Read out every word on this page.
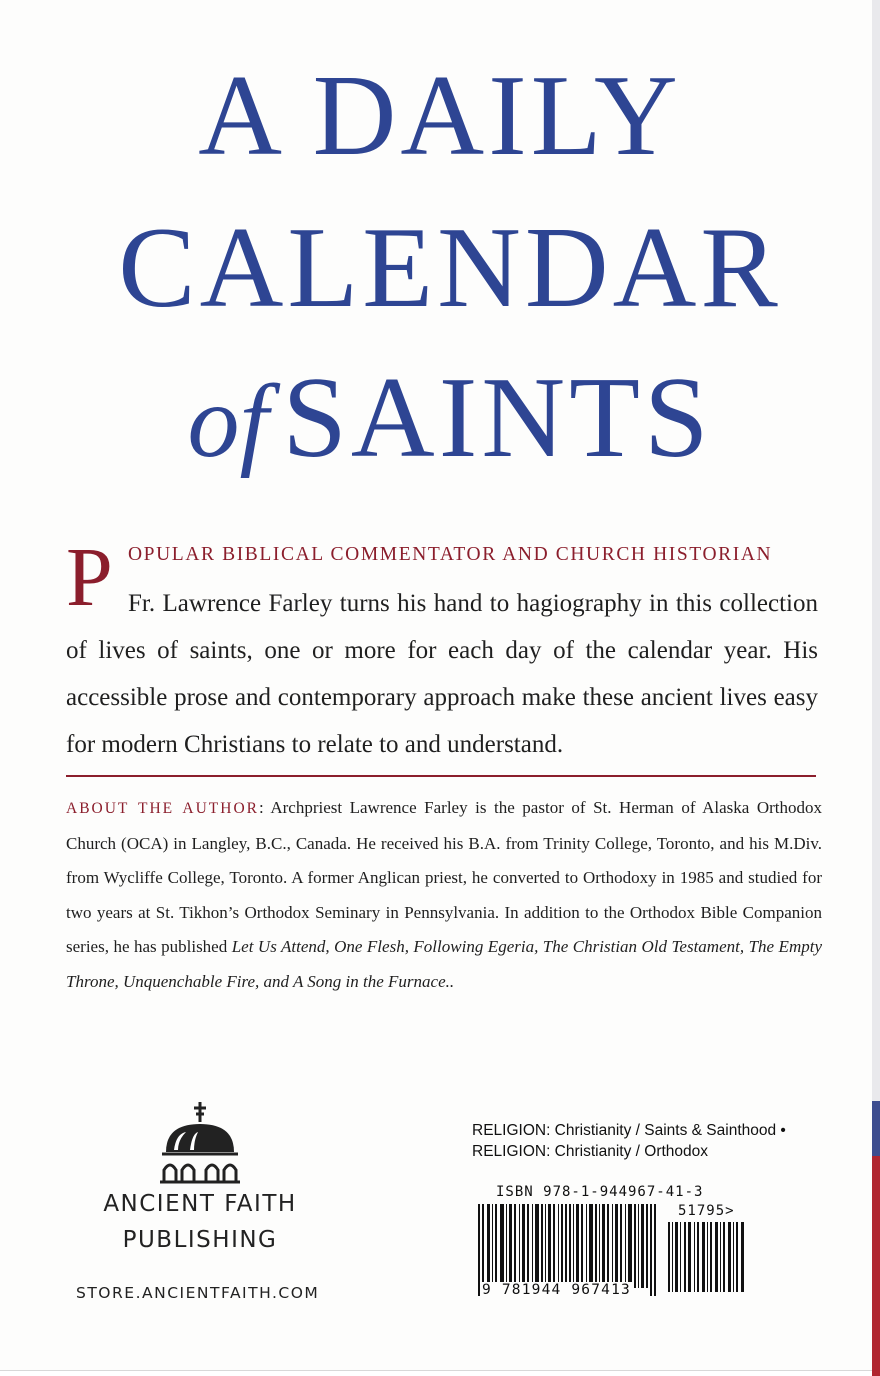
A DAILY
CALENDAR
of SAINTS
P OPULAR BIBLICAL COMMENTATOR AND CHURCH HISTORIAN
Fr. Lawrence Farley turns his hand to hagiography in this collection of lives of saints, one or more for each day of the calendar year. His accessible prose and contemporary approach make these ancient lives easy for modern Christians to relate to and understand.
ABOUT THE AUTHOR: Archpriest Lawrence Farley is the pastor of St. Herman of Alaska Orthodox Church (OCA) in Langley, B.C., Canada. He received his B.A. from Trinity College, Toronto, and his M.Div. from Wycliffe College, Toronto. A former Anglican priest, he converted to Orthodoxy in 1985 and studied for two years at St. Tikhon’s Orthodox Seminary in Pennsylvania. In addition to the Orthodox Bible Companion series, he has published Let Us Attend, One Flesh, Following Egeria, The Christian Old Testament, The Empty Throne, Unquenchable Fire, and A Song in the Furnace..
ANCIENT FAITH
PUBLISHING
STORE.ANCIENTFAITH.COM
RELIGION: Christianity / Saints & Sainthood •
RELIGION: Christianity / Orthodox
ISBN 978-1-944967-41-3
51795>
9 781944 967413
